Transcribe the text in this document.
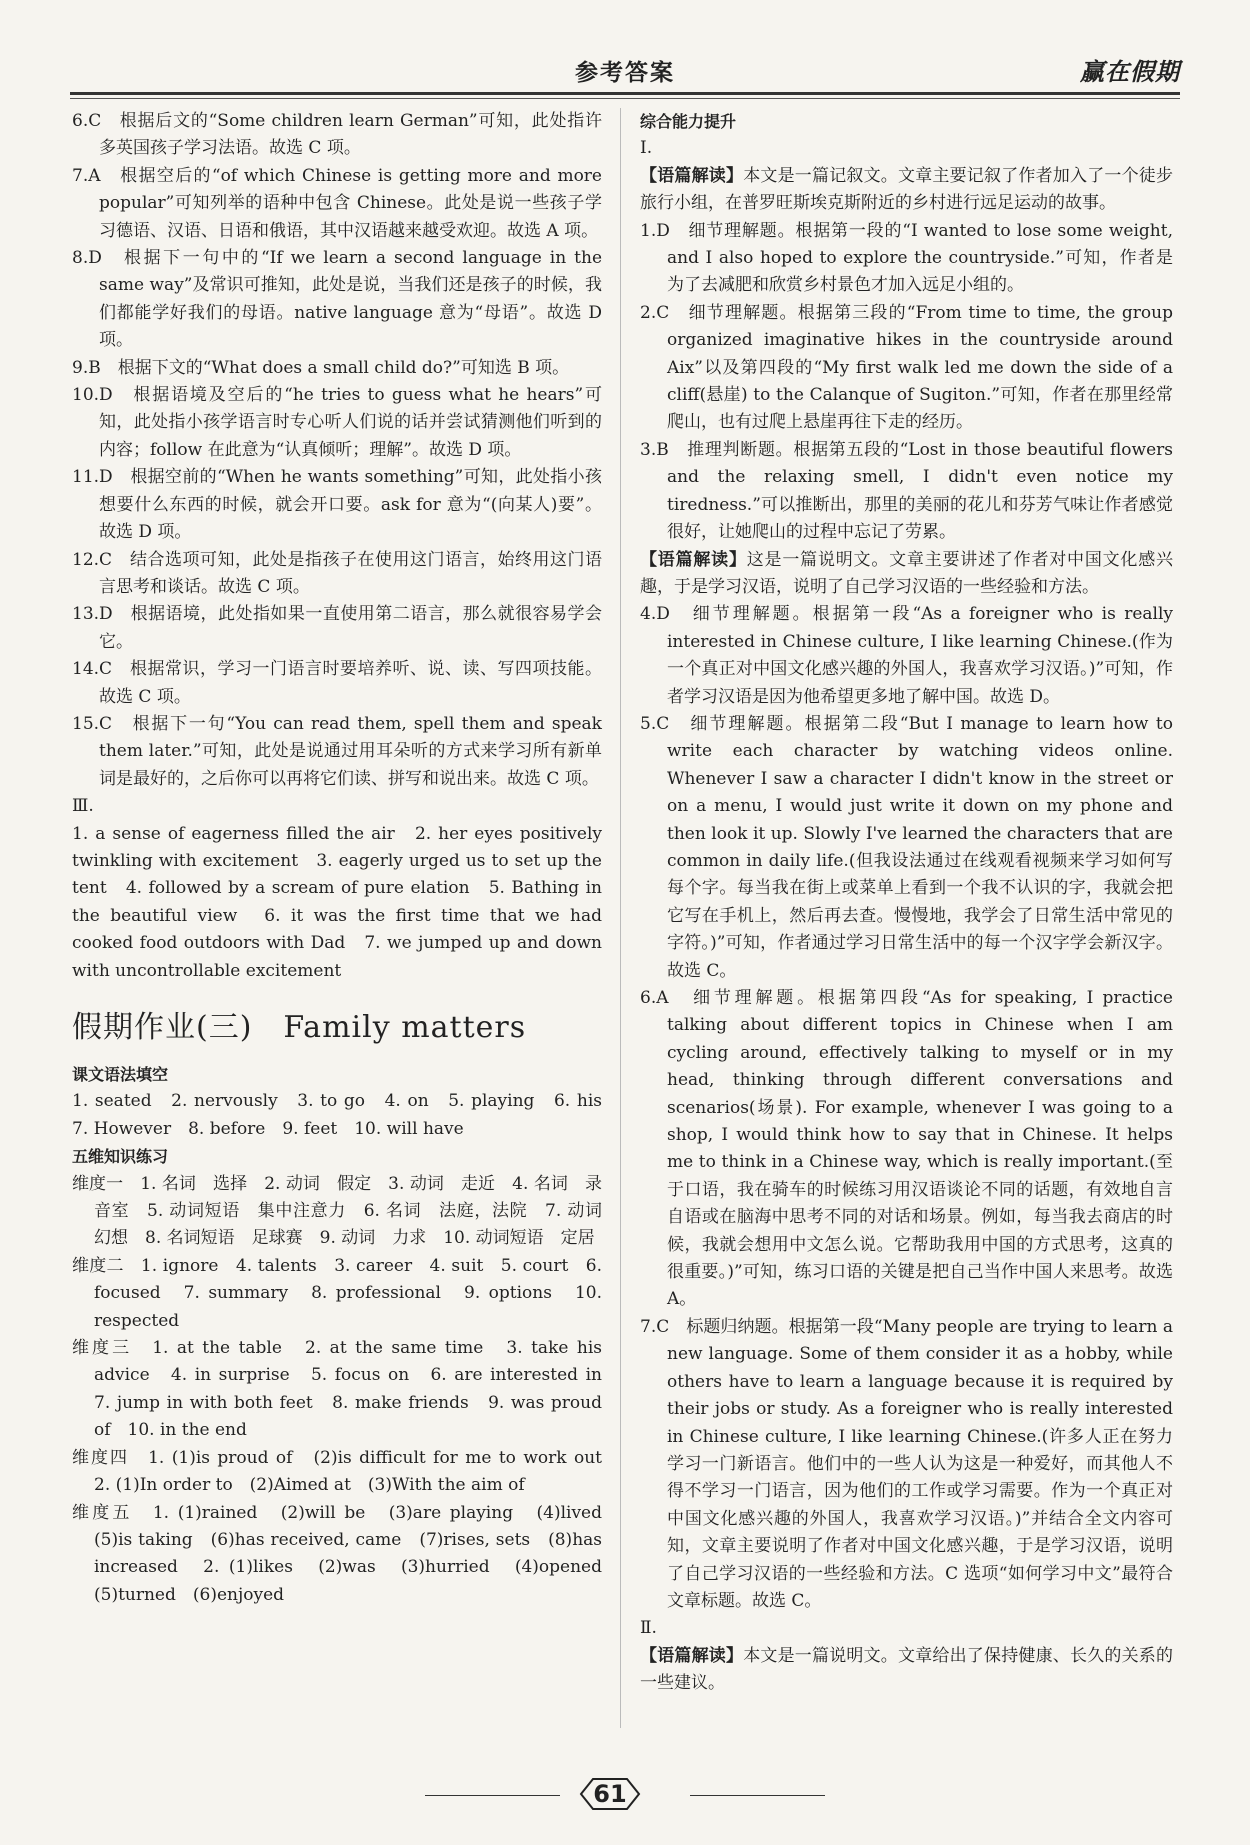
参考答案	赢在假期

6.C　根据后文的“Some children learn German”可知，此处指许多英国孩子学习法语。故选 C 项。

7.A　根据空后的“of which Chinese is getting more and more popular”可知列举的语种中包含 Chinese。此处是说一些孩子学习德语、汉语、日语和俄语，其中汉语越来越受欢迎。故选 A 项。

8.D　根据下一句中的“If we learn a second language in the same way”及常识可推知，此处是说，当我们还是孩子的时候，我们都能学好我们的母语。native language 意为“母语”。故选 D 项。

9.B　根据下文的“What does a small child do?”可知选 B 项。

10.D　根据语境及空后的“he tries to guess what he hears”可知，此处指小孩学语言时专心听人们说的话并尝试猜测他们听到的内容；follow 在此意为“认真倾听；理解”。故选 D 项。

11.D　根据空前的“When he wants something”可知，此处指小孩想要什么东西的时候，就会开口要。ask for 意为“(向某人)要”。故选 D 项。

12.C　结合选项可知，此处是指孩子在使用这门语言，始终用这门语言思考和谈话。故选 C 项。

13.D　根据语境，此处指如果一直使用第二语言，那么就很容易学会它。

14.C　根据常识，学习一门语言时要培养听、说、读、写四项技能。故选 C 项。

15.C　根据下一句“You can read them, spell them and speak them later.”可知，此处是说通过用耳朵听的方式来学习所有新单词是最好的，之后你可以再将它们读、拼写和说出来。故选 C 项。

Ⅲ.

1. a sense of eagerness filled the air　2. her eyes positively twinkling with excitement　3. eagerly urged us to set up the tent　4. followed by a scream of pure elation　5. Bathing in the beautiful view　6. it was the first time that we had cooked food outdoors with Dad　7. we jumped up and down with uncontrollable excitement

假期作业(三)　Family matters

课文语法填空

1. seated　2. nervously　3. to go　4. on　5. playing　6. his　7. However　8. before　9. feet　10. will have

五维知识练习

维度一　1. 名词　选择　2. 动词　假定　3. 动词　走近　4. 名词　录音室　5. 动词短语　集中注意力　6. 名词　法庭，法院　7. 动词　幻想　8. 名词短语　足球赛　9. 动词　力求　10. 动词短语　定居

维度二　1. ignore　4. talents　3. career　4. suit　5. court　6. focused　7. summary　8. professional　9. options　10. respected

维度三　1. at the table　2. at the same time　3. take his advice　4. in surprise　5. focus on　6. are interested in　7. jump in with both feet　8. make friends　9. was proud of　10. in the end

维度四　1. (1)is proud of　(2)is difficult for me to work out　2. (1)In order to　(2)Aimed at　(3)With the aim of

维度五　1. (1)rained　(2)will be　(3)are playing　(4)lived　(5)is taking　(6)has received, came　(7)rises, sets　(8)has increased　2. (1)likes　(2)was　(3)hurried　(4)opened　(5)turned　(6)enjoyed

综合能力提升

Ⅰ.

【语篇解读】本文是一篇记叙文。文章主要记叙了作者加入了一个徒步旅行小组，在普罗旺斯埃克斯附近的乡村进行远足运动的故事。

1.D　细节理解题。根据第一段的“I wanted to lose some weight, and I also hoped to explore the countryside.”可知，作者是为了去减肥和欣赏乡村景色才加入远足小组的。

2.C　细节理解题。根据第三段的“From time to time, the group organized imaginative hikes in the countryside around Aix”以及第四段的“My first walk led me down the side of a cliff(悬崖) to the Calanque of Sugiton.”可知，作者在那里经常爬山，也有过爬上悬崖再往下走的经历。

3.B　推理判断题。根据第五段的“Lost in those beautiful flowers and the relaxing smell, I didn't even notice my tiredness.”可以推断出，那里的美丽的花儿和芬芳气味让作者感觉很好，让她爬山的过程中忘记了劳累。

【语篇解读】这是一篇说明文。文章主要讲述了作者对中国文化感兴趣，于是学习汉语，说明了自己学习汉语的一些经验和方法。

4.D　细节理解题。根据第一段“As a foreigner who is really interested in Chinese culture, I like learning Chinese.(作为一个真正对中国文化感兴趣的外国人，我喜欢学习汉语。)”可知，作者学习汉语是因为他希望更多地了解中国。故选 D。

5.C　细节理解题。根据第二段“But I manage to learn how to write each character by watching videos online. Whenever I saw a character I didn't know in the street or on a menu, I would just write it down on my phone and then look it up. Slowly I've learned the characters that are common in daily life.(但我设法通过在线观看视频来学习如何写每个字。每当我在街上或菜单上看到一个我不认识的字，我就会把它写在手机上，然后再去查。慢慢地，我学会了日常生活中常见的字符。)”可知，作者通过学习日常生活中的每一个汉字学会新汉字。故选 C。

6.A　细节理解题。根据第四段“As for speaking, I practice talking about different topics in Chinese when I am cycling around, effectively talking to myself or in my head, thinking through different conversations and scenarios(场景). For example, whenever I was going to a shop, I would think how to say that in Chinese. It helps me to think in a Chinese way, which is really important.(至于口语，我在骑车的时候练习用汉语谈论不同的话题，有效地自言自语或在脑海中思考不同的对话和场景。例如，每当我去商店的时候，我就会想用中文怎么说。它帮助我用中国的方式思考，这真的很重要。)”可知，练习口语的关键是把自己当作中国人来思考。故选 A。

7.C　标题归纳题。根据第一段“Many people are trying to learn a new language. Some of them consider it as a hobby, while others have to learn a language because it is required by their jobs or study. As a foreigner who is really interested in Chinese culture, I like learning Chinese.(许多人正在努力学习一门新语言。他们中的一些人认为这是一种爱好，而其他人不得不学习一门语言，因为他们的工作或学习需要。作为一个真正对中国文化感兴趣的外国人，我喜欢学习汉语。)”并结合全文内容可知，文章主要说明了作者对中国文化感兴趣，于是学习汉语，说明了自己学习汉语的一些经验和方法。C 选项“如何学习中文”最符合文章标题。故选 C。

Ⅱ.

【语篇解读】本文是一篇说明文。文章给出了保持健康、长久的关系的一些建议。

61
